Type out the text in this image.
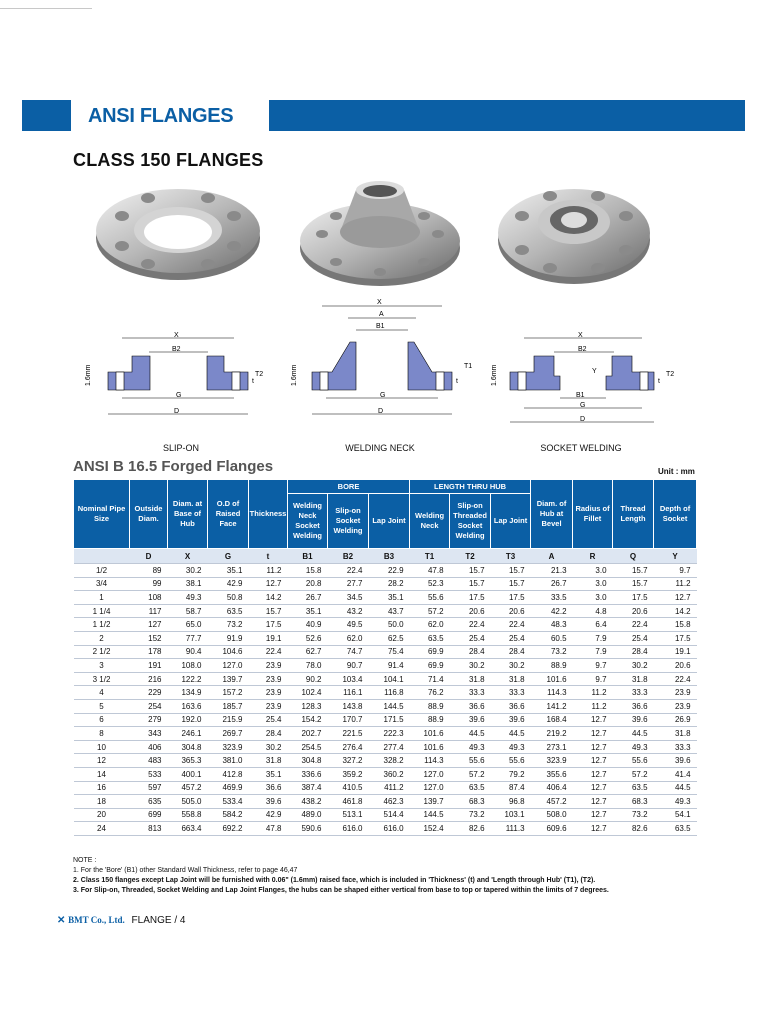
ANSI FLANGES
CLASS 150 FLANGES
X
B2
G
D
t
T2
1.6mm
X
A
B1
G
D
t
T1
1.6mm
X
B2
Y
B1
G
D
t
T2
1.6mm
SLIP-ON	WELDING NECK	SOCKET WELDING
ANSI B 16.5 Forged Flanges	Unit : mm
Nominal Pipe Size	Outside Diam.	Diam. at Base of Hub	O.D of Raised Face	Thickness	BORE			LENGTH THRU HUB			Diam. of Hub at Bevel	Radius of Fillet	Thread Length	Depth of Socket
					Welding Neck Socket Welding	Slip-on Socket Welding	Lap Joint	Welding Neck	Slip-on Threaded Socket Welding	Lap Joint				
	D	X	G	t	B1	B2	B3	T1	T2	T3	A	R	Q	Y
1/2	89	30.2	35.1	11.2	15.8	22.4	22.9	47.8	15.7	15.7	21.3	3.0	15.7	9.7
3/4	99	38.1	42.9	12.7	20.8	27.7	28.2	52.3	15.7	15.7	26.7	3.0	15.7	11.2
1	108	49.3	50.8	14.2	26.7	34.5	35.1	55.6	17.5	17.5	33.5	3.0	17.5	12.7
1 1/4	117	58.7	63.5	15.7	35.1	43.2	43.7	57.2	20.6	20.6	42.2	4.8	20.6	14.2
1 1/2	127	65.0	73.2	17.5	40.9	49.5	50.0	62.0	22.4	22.4	48.3	6.4	22.4	15.8
2	152	77.7	91.9	19.1	52.6	62.0	62.5	63.5	25.4	25.4	60.5	7.9	25.4	17.5
2 1/2	178	90.4	104.6	22.4	62.7	74.7	75.4	69.9	28.4	28.4	73.2	7.9	28.4	19.1
3	191	108.0	127.0	23.9	78.0	90.7	91.4	69.9	30.2	30.2	88.9	9.7	30.2	20.6
3 1/2	216	122.2	139.7	23.9	90.2	103.4	104.1	71.4	31.8	31.8	101.6	9.7	31.8	22.4
4	229	134.9	157.2	23.9	102.4	116.1	116.8	76.2	33.3	33.3	114.3	11.2	33.3	23.9
5	254	163.6	185.7	23.9	128.3	143.8	144.5	88.9	36.6	36.6	141.2	11.2	36.6	23.9
6	279	192.0	215.9	25.4	154.2	170.7	171.5	88.9	39.6	39.6	168.4	12.7	39.6	26.9
8	343	246.1	269.7	28.4	202.7	221.5	222.3	101.6	44.5	44.5	219.2	12.7	44.5	31.8
10	406	304.8	323.9	30.2	254.5	276.4	277.4	101.6	49.3	49.3	273.1	12.7	49.3	33.3
12	483	365.3	381.0	31.8	304.8	327.2	328.2	114.3	55.6	55.6	323.9	12.7	55.6	39.6
14	533	400.1	412.8	35.1	336.6	359.2	360.2	127.0	57.2	79.2	355.6	12.7	57.2	41.4
16	597	457.2	469.9	36.6	387.4	410.5	411.2	127.0	63.5	87.4	406.4	12.7	63.5	44.5
18	635	505.0	533.4	39.6	438.2	461.8	462.3	139.7	68.3	96.8	457.2	12.7	68.3	49.3
20	699	558.8	584.2	42.9	489.0	513.1	514.4	144.5	73.2	103.1	508.0	12.7	73.2	54.1
24	813	663.4	692.2	47.8	590.6	616.0	616.0	152.4	82.6	111.3	609.6	12.7	82.6	63.5
NOTE :
1. For the 'Bore' (B1) other Standard Wall Thickness, refer to page 46,47
2. Class 150 flanges except Lap Joint will be furnished with 0.06" (1.6mm) raised face, which is included in 'Thickness' (t) and 'Length through Hub' (T1), (T2).
3. For Slip-on, Threaded, Socket Welding and Lap Joint Flanges, the hubs can be shaped either vertical from base to top or tapered within the limits of 7 degrees.
✕ BMT Co., Ltd. FLANGE / 4
